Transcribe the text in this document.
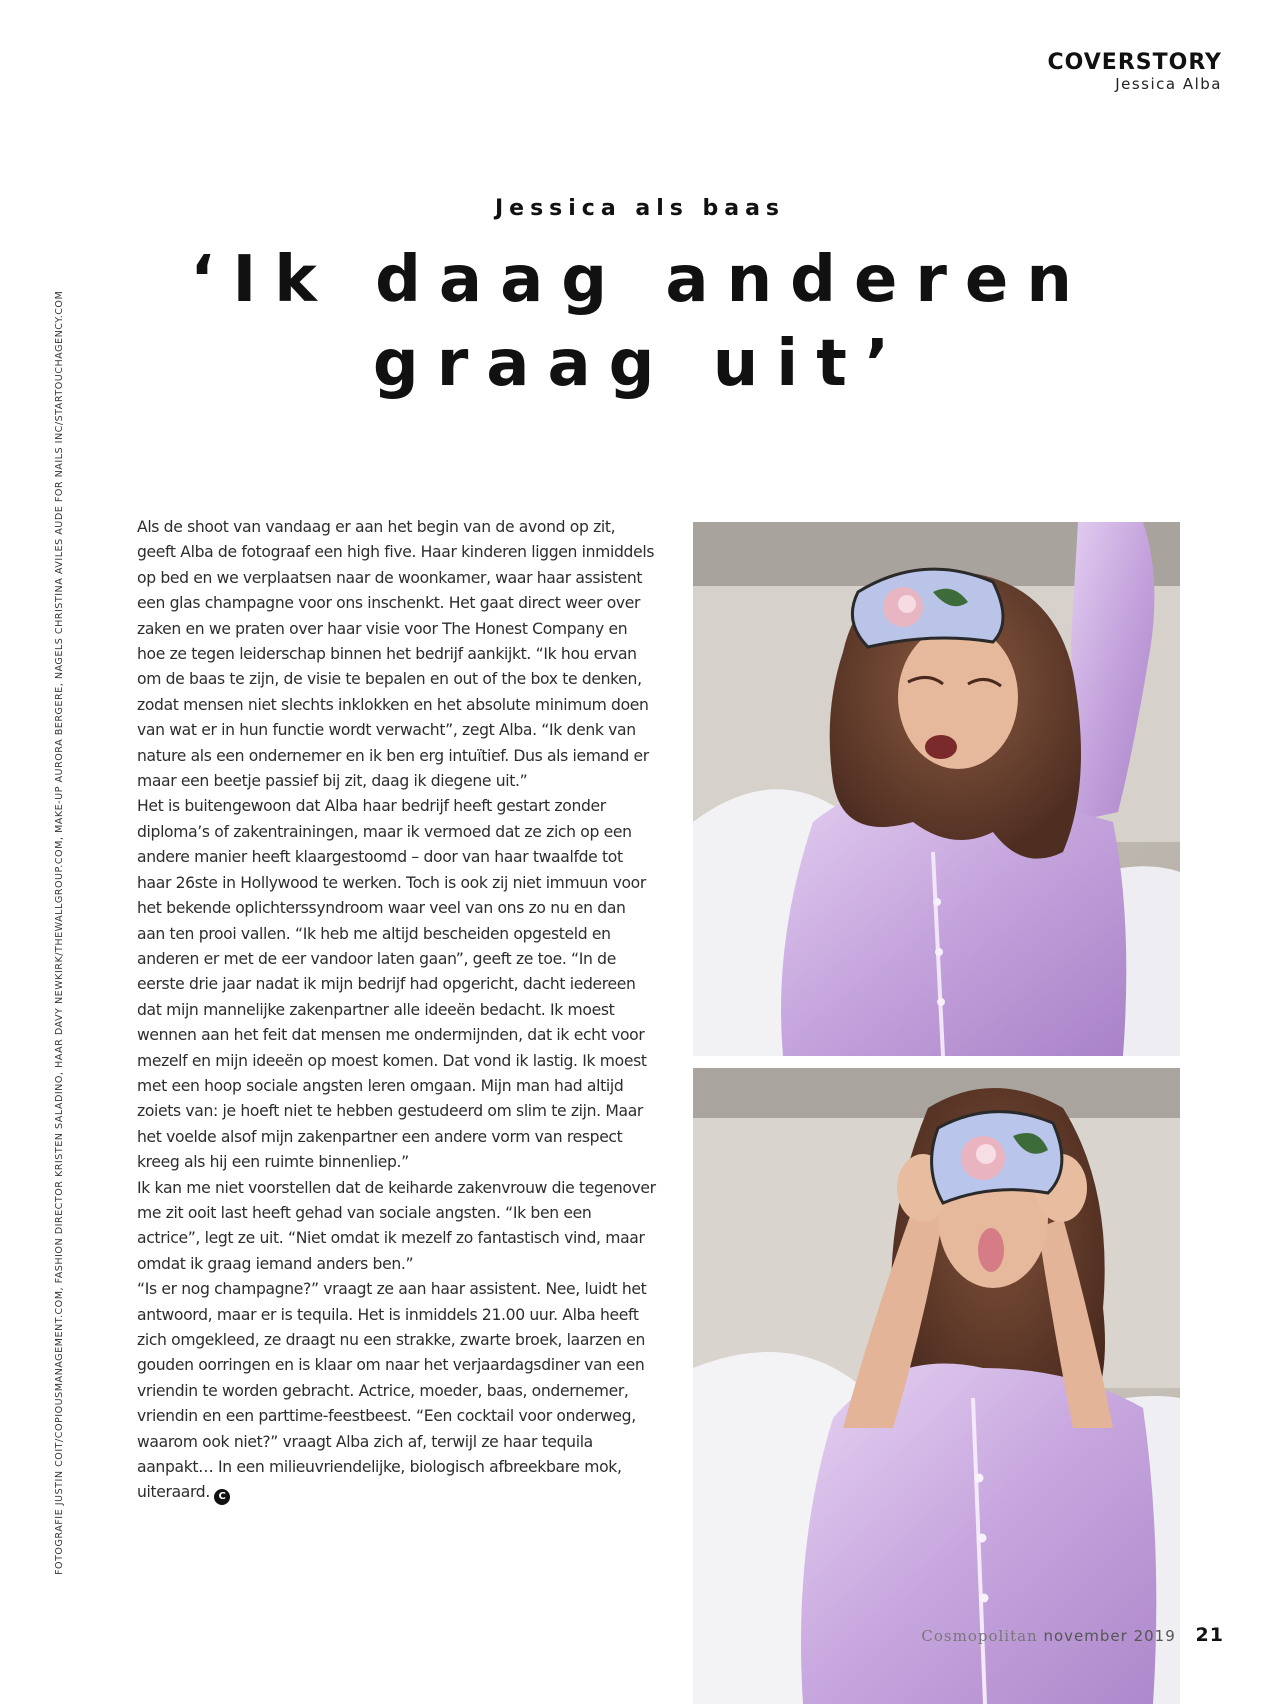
COVERSTORY
Jessica Alba
Jessica als baas
‘Ik daag anderen
graag uit’
FOTOGRAFIE JUSTIN COIT/COPIOUSMANAGEMENT.COM, FASHION DIRECTOR KRISTEN SALADINO, HAAR DAVY NEWKIRK/THEWALLGROUP.COM, MAKE-UP AURORA BERGERE, NAGELS CHRISTINA AVILES AUDE FOR NAILS INC/STARTOUCHAGENCY.COM	Als de shoot van vandaag er aan het begin van de avond op zit, geeft Alba de fotograaf een high five. Haar kinderen liggen inmiddels op bed en we verplaatsen naar de woonkamer, waar haar assistent een glas champagne voor ons inschenkt. Het gaat direct weer over zaken en we praten over haar visie voor The Honest Company en hoe ze tegen leiderschap binnen het bedrijf aankijkt. “Ik hou ervan om de baas te zijn, de visie te bepalen en out of the box te denken, zodat mensen niet slechts inklokken en het absolute minimum doen van wat er in hun functie wordt verwacht”, zegt Alba. “Ik denk van nature als een ondernemer en ik ben erg intuïtief. Dus als iemand er maar een beetje passief bij zit, daag ik diegene uit.”

Het is buitengewoon dat Alba haar bedrijf heeft gestart zonder diploma’s of zakentrainingen, maar ik vermoed dat ze zich op een andere manier heeft klaargestoomd – door van haar twaalfde tot haar 26ste in Hollywood te werken. Toch is ook zij niet immuun voor het bekende oplichterssyndroom waar veel van ons zo nu en dan aan ten prooi vallen. “Ik heb me altijd bescheiden opgesteld en anderen er met de eer vandoor laten gaan”, geeft ze toe. “In de eerste drie jaar nadat ik mijn bedrijf had opgericht, dacht iedereen dat mijn mannelijke zakenpartner alle ideeën bedacht. Ik moest wennen aan het feit dat mensen me ondermijnden, dat ik echt voor mezelf en mijn ideeën op moest komen. Dat vond ik lastig. Ik moest met een hoop sociale angsten leren omgaan. Mijn man had altijd zoiets van: je hoeft niet te hebben gestudeerd om slim te zijn. Maar het voelde alsof mijn zakenpartner een andere vorm van respect kreeg als hij een ruimte binnenliep.”

Ik kan me niet voorstellen dat de keiharde zakenvrouw die tegenover me zit ooit last heeft gehad van sociale angsten. “Ik ben een actrice”, legt ze uit. “Niet omdat ik mezelf zo fantastisch vind, maar omdat ik graag iemand anders ben.”

“Is er nog champagne?” vraagt ze aan haar assistent. Nee, luidt het antwoord, maar er is tequila. Het is inmiddels 21.00 uur. Alba heeft zich omgekleed, ze draagt nu een strakke, zwarte broek, laarzen en gouden oorringen en is klaar om naar het verjaardagsdiner van een vriendin te worden gebracht. Actrice, moeder, baas, ondernemer, vriendin en een parttime-feestbeest. “Een cocktail voor onderweg, waarom ook niet?” vraagt Alba zich af, terwijl ze haar tequila aanpakt… In een milieuvriendelijke, biologisch afbreekbare mok, uiteraard. C

Cosmopolitan november 2019 21
